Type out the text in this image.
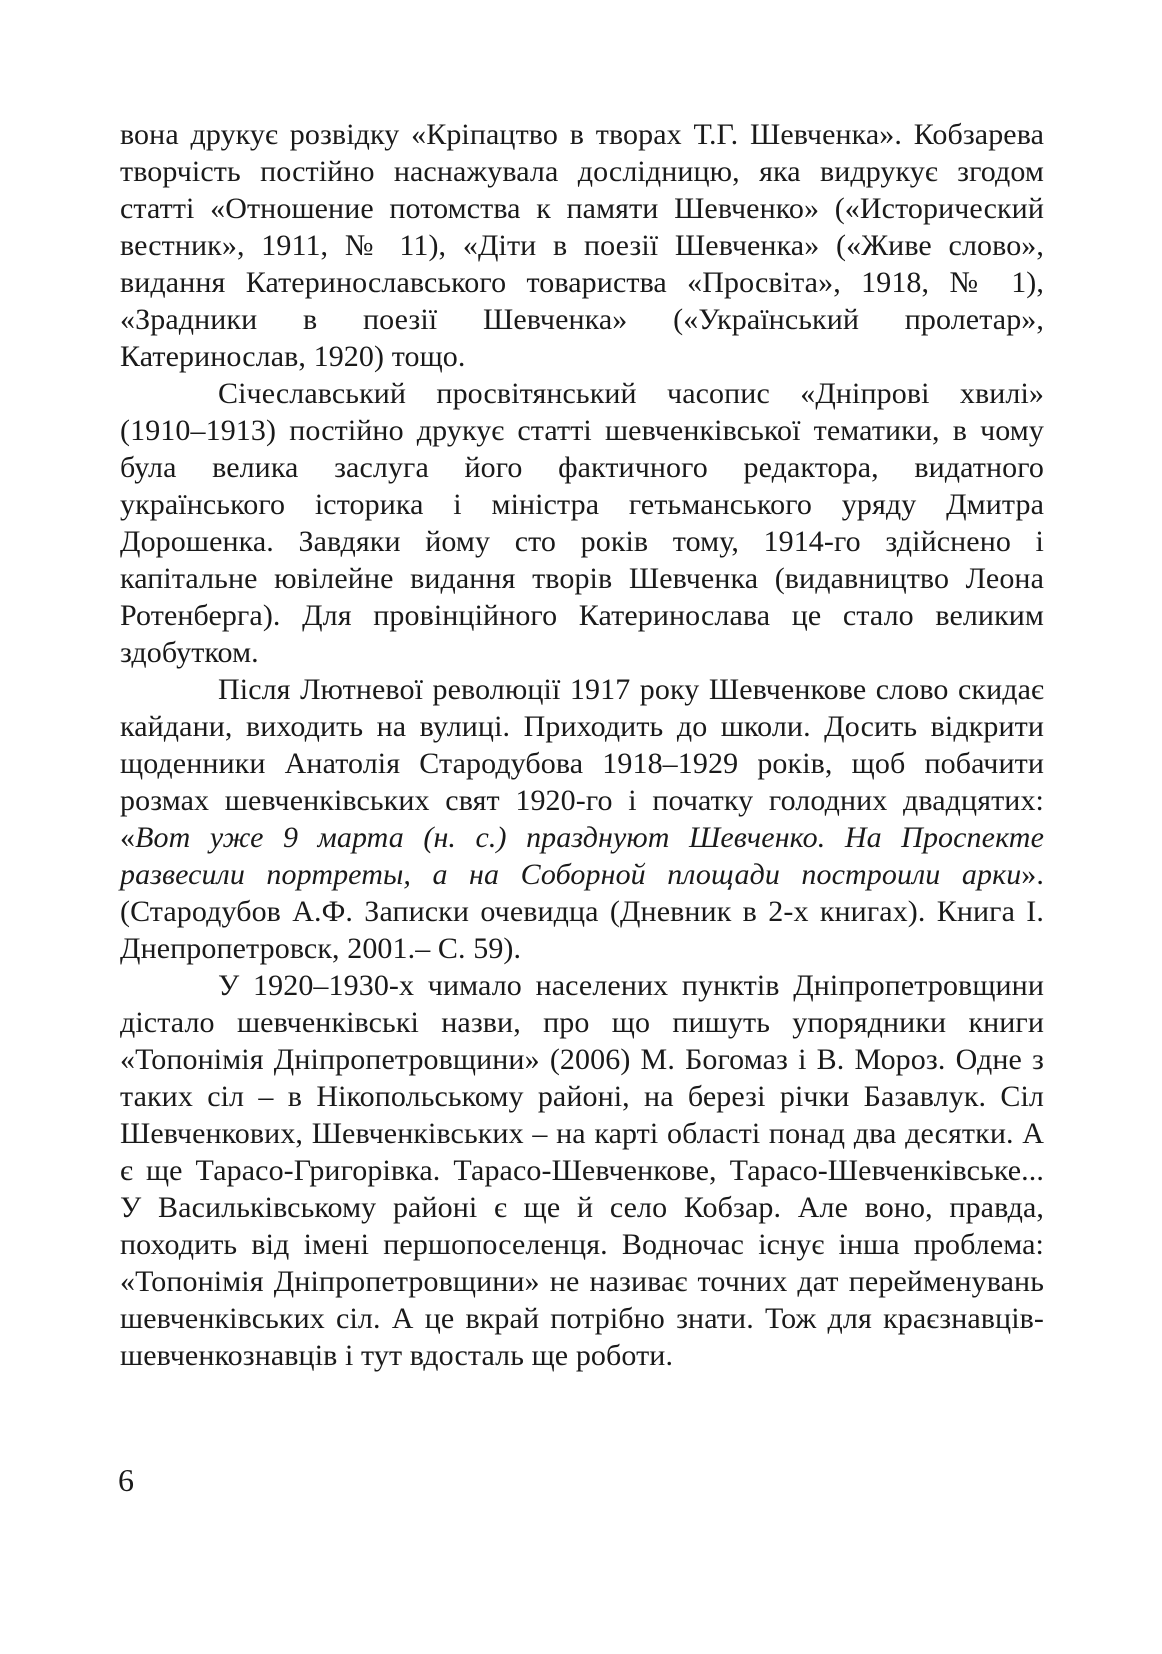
вона друкує розвідку «Кріпацтво в творах Т.Г. Шевченка». Кобзарева творчість постійно наснажувала дослідницю, яка видрукує згодом статті «Отношение потомства к памяти Шевченко» («Исторический вестник», 1911, № 11), «Діти в поезії Шевченка» («Живе слово», видання Катеринославського товариства «Просвіта», 1918, № 1), «Зрадники в поезії Шевченка» («Український пролетар», Катеринослав, 1920) тощо.

Січеславський просвітянський часопис «Дніпрові хвилі» (1910–1913) постійно друкує статті шевченківської тематики, в чому була велика заслуга його фактичного редактора, видатного українського історика і міністра гетьманського уряду Дмитра Дорошенка. Завдяки йому сто років тому, 1914-го здійснено і капітальне ювілейне видання творів Шевченка (видавництво Леона Ротенберга). Для провінційного Катеринослава це стало великим здобутком.

Після Лютневої революції 1917 року Шевченкове слово скидає кайдани, виходить на вулиці. Приходить до школи. Досить відкрити щоденники Анатолія Стародубова 1918–1929 років, щоб побачити розмах шевченківських свят 1920-го і початку голодних двадцятих: «Вот уже 9 марта (н. с.) празднуют Шевченко. На Проспекте развесили портреты, а на Соборной площади построили арки». (Стародубов А.Ф. Записки очевидца (Дневник в 2-х книгах). Книга І. Днепропетровск, 2001.– С. 59).

У 1920–1930-х чимало населених пунктів Дніпропетровщини дістало шевченківські назви, про що пишуть упорядники книги «Топонімія Дніпропетровщини» (2006) М. Богомаз і В. Мороз. Одне з таких сіл – в Нікопольському районі, на березі річки Базавлук. Сіл Шевченкових, Шевченківських – на карті області понад два десятки. А є ще Тарасо-Григорівка. Тарасо-Шевченкове, Тарасо-Шевченківське... У Васильківському районі є ще й село Кобзар. Але воно, правда, походить від імені першопоселенця. Водночас існує інша проблема: «Топонімія Дніпропетровщини» не називає точних дат перейменувань шевченківських сіл. А це вкрай потрібно знати. Тож для краєзнавців-шевченкознавців і тут вдосталь ще роботи.

6
